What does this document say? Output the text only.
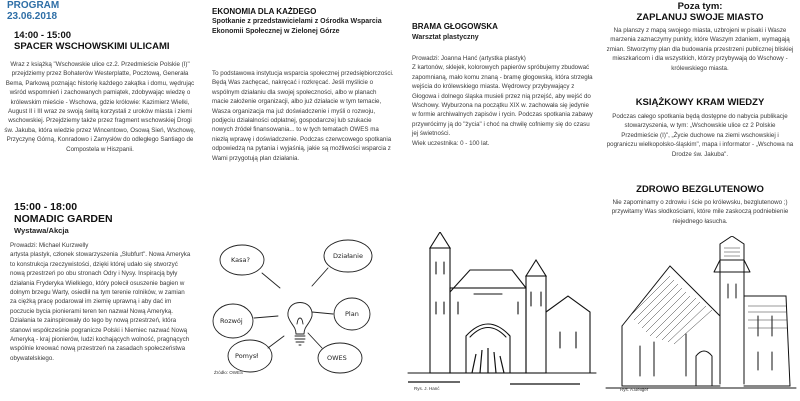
PROGRAM
23.06.2018
14:00 - 15:00
SPACER WSCHOWSKIMI ULICAMI

Wraz z książką "Wschowskie ulice cz.2. Przedmieście Polskie (I)" przejdziemy przez Bohaterów Westerplatte, Pocztową, Generała Bema, Parkową poznając historię każdego zakątka i domu, wędrując wśród wspomnień i zachowanych pamiątek, zdobywając wiedzę o królewskim mieście - Wschowa, gdzie królowie: Kazimierz Wielki, August II i III wraz ze swoją świtą korzystali z uroków miasta i ziemi wschowskiej. Przejdziemy także przez fragment wschowskiej Drogi św. Jakuba, która wiedzie przez Wincentowo, Osową Sień, Wschowę, Przyczynę Górną, Konradowo i Zamysłów do odległego Santiago de Compostela w Hiszpanii.

15:00 - 18:00
NOMADIC GARDEN
Wystawa/Akcja

Prowadzi: Michael Kurzwelly
artysta plastyk, członek stowarzyszenia „Slubfurt". Nowa Ameryka to konstrukcja rzeczywistości, dzięki której udało się stworzyć nową przestrzeń po obu stronach Odry i Nysy. Inspiracją były działania Fryderyka Wielkiego, który polecił osuszenie bagien w dolnym brzegu Warty, osiedlił na tym terenie rolników, w zamian za ciężką pracę podarował im ziemię uprawną i aby dać im poczucie bycia pionierami teren ten nazwał Nową Ameryką. Działania te zainspirowały do tego by nową przestrzeń, która stanowi współcześnie pogranicze Polski i Niemiec nazwać Nową Ameryką - kraj pionierów, ludzi kochających wolność, pragnących wspólnie kreować nową przestrzeń na zasadach społeczeństwa obywatelskiego.

EKONOMIA DLA KAŻDEGO
Spotkanie z przedstawicielami z Ośrodka Wsparcia Ekonomii Społecznej w Zielonej Górze

To podstawowa instytucja wsparcia społecznej przedsiębiorczości. Będą Was zachęcać, nakręcać i rozkręcać. Jeśli myślicie o wspólnym działaniu dla swojej społeczności, albo w planach macie założenie organizacji, albo już działacie w tym temacie, Wasza organizacja ma już doświadczenie i myśli o rozwoju, podjęciu działalności odpłatnej, gospodarczej lub szukacie nowych źródeł finansowania... to w tych tematach OWES ma niezłą wprawę i doświadczenie. Podczas czerwcowego spotkania odpowiedzą na pytania i wyjaśnią, jakie są możliwości wsparcia z Wami przygotują plan działania.

Kasa?	Działanie
Rozwój
Plan
Pomysł	OWES
Źródło: OWES
BRAMA GŁOGOWSKA
Warsztat plastyczny

Prowadzi: Joanna Hanć (artystka plastyk)
Z kartonów, sklejek, kolorowych papierów spróbujemy zbudować zapomnianą, mało komu znaną - bramę głogowską, która strzegła wejścia do królewskiego miasta. Wędrowcy przybywający z Głogowa i dolnego śląska musieli przez nią przejść, aby wejść do Wschowy. Wyburzona na początku XIX w. zachowała się jedynie w formie archiwalnych zapisów i rycin. Podczas spotkania zabawy przywrócimy ją do "życia" i choć na chwilę cofniemy się do czasu jej świetności.
Wiek uczestnika: 0 - 100 lat.

Rys. J. Hanć
Poza tym:
ZAPLANUJ SWOJE MIASTO

Na planszy z mapą swojego miasta, uzbrojeni w pisaki i Wasze marzenia zaznaczymy punkty, które Waszym zdaniem, wymagają zmian. Stworzymy plan dla budowania przestrzeni publicznej bliskiej mieszkańcom i dla wszystkich, którzy przybywają do Wschowy - królewskiego miasta.

KSIĄŻKOWY KRAM WIEDZY

Podczas całego spotkania będą dostępne do nabycia publikacje stowarzyszenia, w tym: „Wschowskie ulice cz 2 Polskie Przedmieście (I)", „Życie duchowe na ziemi wschowskiej i pograniczu wielkopolsko-śląskim", mapa i informator - „Wschowa na Drodze św. Jakuba".

ZDROWO BEZGLUTENOWO

Nie zapominamy o zdrowiu i ście po królewsku, bezglutenowo ;) przywitamy Was słodkościami, które mile zaskoczą podniebienie niejednego łasucha.

Rys. A.Beliger
